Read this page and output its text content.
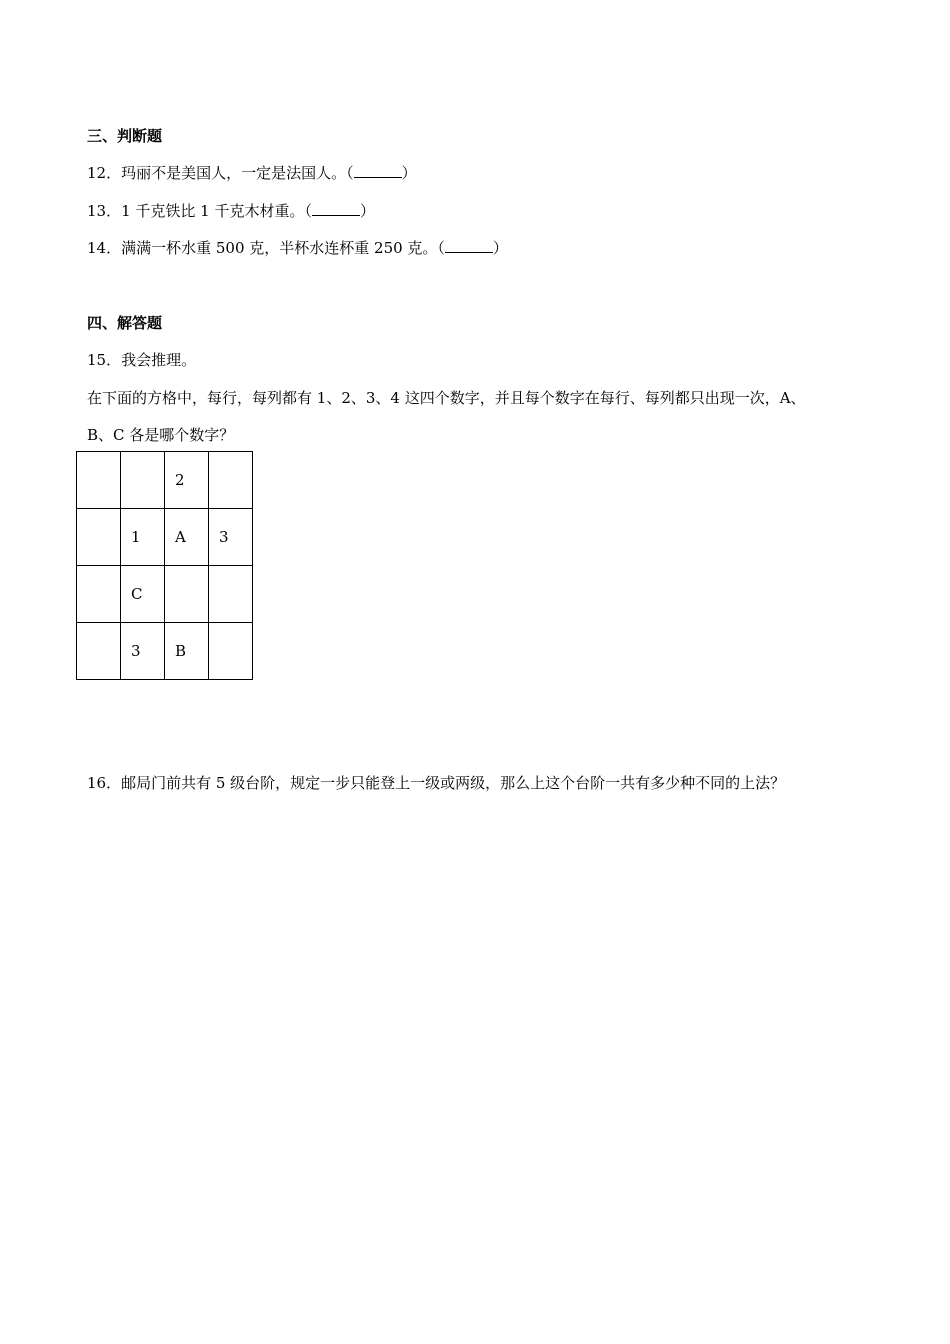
三、判断题
12．玛丽不是美国人，一定是法国人。（	）
13．1 千克铁比 1 千克木材重。（	）
14．满满一杯水重 500 克，半杯水连杯重 250 克。（	）
四、解答题
15．我会推理。
在下面的方格中，每行，每列都有 1、2、3、4 这四个数字，并且每个数字在每行、每列都只出现一次，A、
B、C 各是哪个数字？
		2	
	1	A	3
	C		
	3	B	
16．邮局门前共有 5 级台阶，规定一步只能登上一级或两级，那么上这个台阶一共有多少种不同的上法？
